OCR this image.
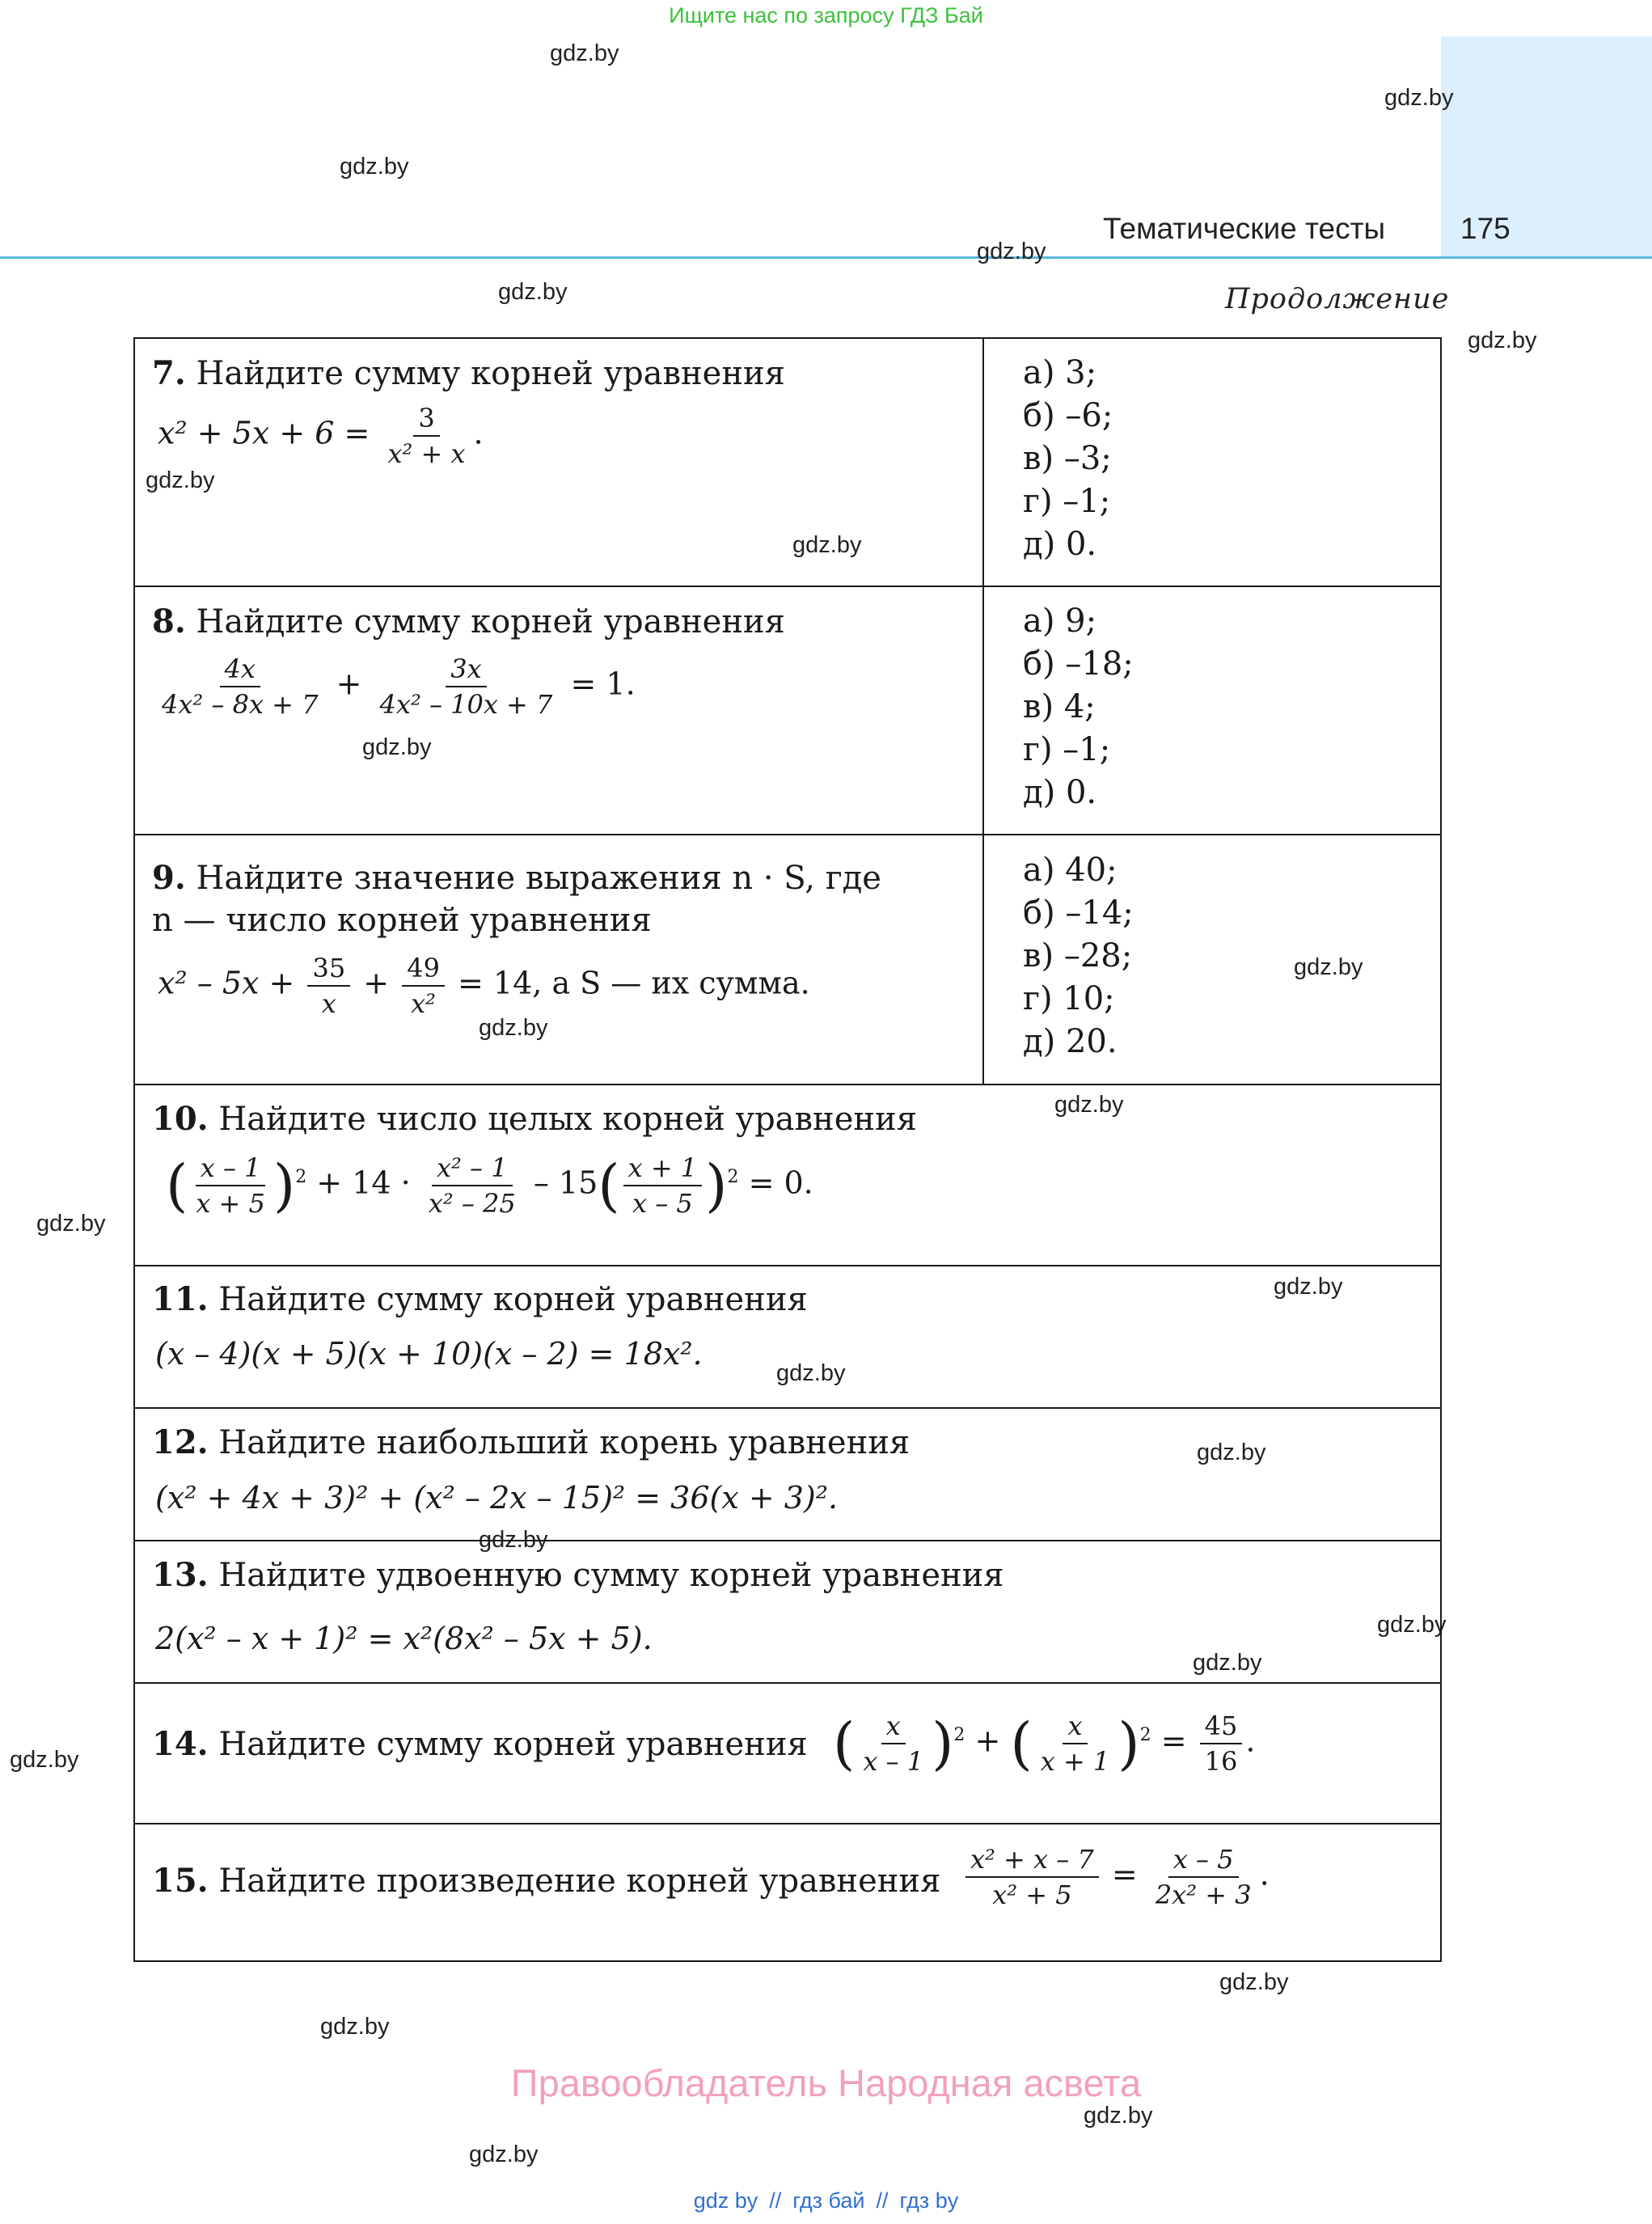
Ищите нас по запросу ГДЗ Бай
Тематические тесты	175
Продолжение
gdz.by
gdz.by
gdz.by
gdz.by
gdz.by
gdz.by
gdz.by
gdz.by
gdz.by
gdz.by
gdz.by
gdz.by
gdz.by
gdz.by
gdz.by
gdz.by
gdz.by
gdz.by
gdz.by
gdz.by
gdz.by
gdz.by
gdz.by
gdz.by
7. Найдите сумму корней уравнения
$x^2 + 5x + 6 = \frac{3}{\text{x² + x}}$ .
а) 3;
б) –6;
в) –3;
г) –1;
д) 0.
8. Найдите сумму корней уравнения
$\frac{4x}{\text{4x² – 8x + 7}} + \frac{3x}{\text{4x² – 10x + 7}} = 1$.
а) 9;
б) –18;
в) 4;
г) –1;
д) 0.
9. Найдите значение выражения n · S, где
n — число корней уравнения
$x^2 - 5x + \frac{35}{x} + \frac{49}{\text{x²}} = 14$, а S — их сумма.
а) 40;
б) –14;
в) –28;
г) 10;
д) 20.
10. Найдите число целых корней уравнения
( $\frac{x - 1}{x + 5} )^2 + 14 \cdot \frac{\text{x² – 1}}{\text{x² – 25}} - 15( \frac{x + 1}{x - 5} )^2 = 0$.
11. Найдите сумму корней уравнения
(x – 4)(x + 5)(x + 10)(x – 2) = 18x².
12. Найдите наибольший корень уравнения
(x² + 4x + 3)² + (x² – 2x – 15)² = 36(x + 3)².
13. Найдите удвоенную сумму корней уравнения
2(x² – x + 1)² = x²(8x² – 5x + 5).
14. Найдите сумму корней уравнения ( $\frac{x}{x - 1} )^2$ + ( $\frac{x}{x + 1} )^2 = \frac{45}{16}$ .
15. Найдите произведение корней уравнения $\frac{\text{x² + x – 7}}{\text{x² + 5}} = \frac{x - 5}{\text{2x² + 3}}$ .
Правообладатель Народная асвета
gdz by // гдз бай // гдз by
